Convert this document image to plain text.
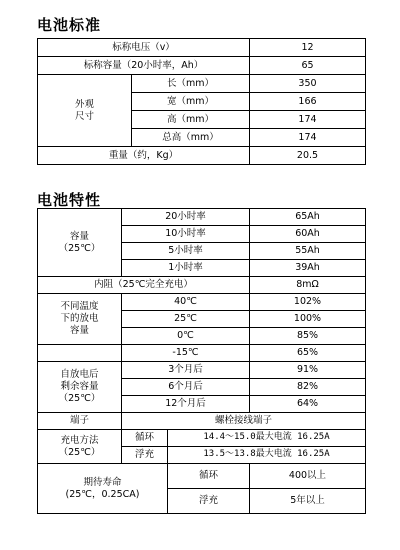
电池标准
标称电压（v）		12
标称容量（20小时率，Ah）		65
外观
尺寸	长（mm）	350
	宽（mm）	166
	高（mm）	174
	总高（mm）	174
重量（约，Kg）		20.5
电池特性
容量
（25℃）	20小时率		65Ah
	10小时率		60Ah
	5小时率		55Ah
	1小时率		39Ah
内阻（25℃完全充电）			8mΩ
不同温度
下的放电
容量	40℃		102%
	25℃		100%
	0℃		85%
	-15℃		65%
自放电后
剩余容量
（25℃）	3个月后		91%
	6个月后		82%
	12个月后		64%
端子	螺栓接线端子		
充电方法
（25℃）	循环	14.4～15.0最大电流 16.25A	
	浮充	13.5～13.8最大电流 16.25A	
期待寿命
(25℃，0.25CA)		循环	400以上
		浮充	5年以上
